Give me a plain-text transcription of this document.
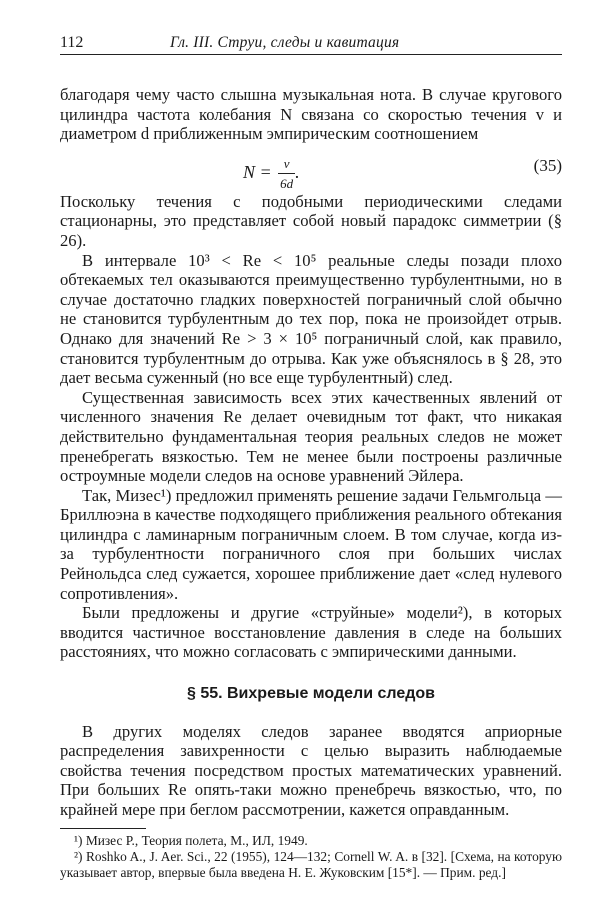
112	Гл. III. Струи, следы и кавитация

благодаря чему часто слышна музыкальная нота. В случае кругового цилиндра частота колебания N связана со скоростью течения v и диаметром d приближенным эмпирическим соотношением

$N = \frac{v}{6d}$ .	(35)

Поскольку течения с подобными периодическими следами стационарны, это представляет собой новый парадокс симметрии (§ 26).

В интервале 10³ < Re < 10⁵ реальные следы позади плохо обтекаемых тел оказываются преимущественно турбулентными, но в случае достаточно гладких поверхностей пограничный слой обычно не становится турбулентным до тех пор, пока не произойдет отрыв. Однако для значений Re > 3 × 10⁵ пограничный слой, как правило, становится турбулентным до отрыва. Как уже объяснялось в § 28, это дает весьма суженный (но все еще турбулентный) след.

Существенная зависимость всех этих качественных явлений от численного значения Re делает очевидным тот факт, что никакая действительно фундаментальная теория реальных следов не может пренебрегать вязкостью. Тем не менее были построены различные остроумные модели следов на основе уравнений Эйлера.

Так, Мизес¹) предложил применять решение задачи Гельмгольца — Бриллюэна в качестве подходящего приближения реального обтекания цилиндра с ламинарным пограничным слоем. В том случае, когда из-за турбулентности пограничного слоя при больших числах Рейнольдса след сужается, хорошее приближение дает «след нулевого сопротивления».

Были предложены и другие «струйные» модели²), в которых вводится частичное восстановление давления в следе на больших расстояниях, что можно согласовать с эмпирическими данными.

§ 55. Вихревые модели следов

В других моделях следов заранее вводятся априорные распределения завихренности с целью выразить наблюдаемые свойства течения посредством простых математических уравнений. При больших Re опять-таки можно пренебречь вязкостью, что, по крайней мере при беглом рассмотрении, кажется оправданным.

¹) Мизес Р., Теория полета, М., ИЛ, 1949.

²) Roshko A., J. Aer. Sci., 22 (1955), 124—132; Cornell W. A. в [32]. [Схема, на которую указывает автор, впервые была введена Н. Е. Жуковским [15*]. — Прим. ред.]
